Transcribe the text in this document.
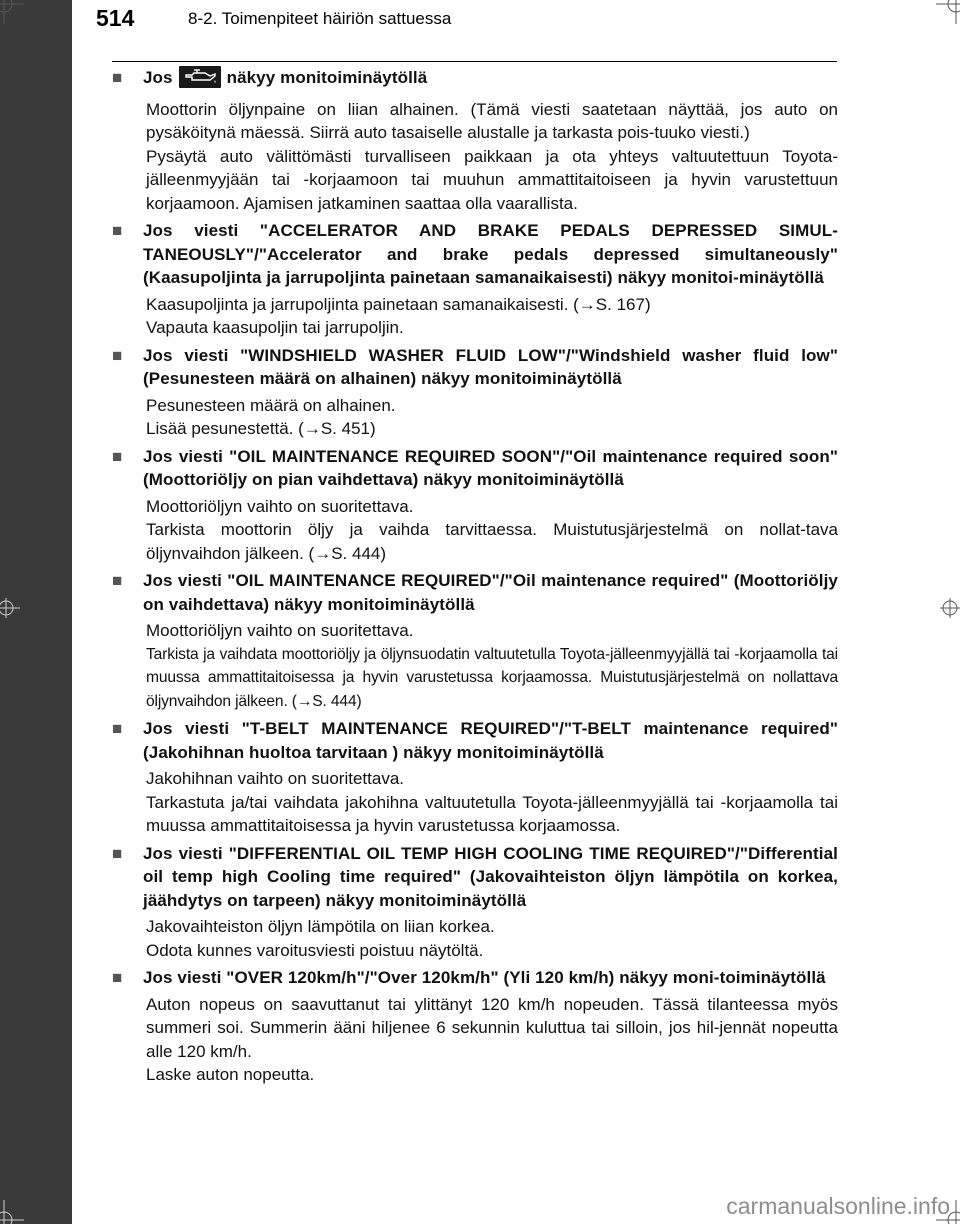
514	8-2. Toimenpiteet häiriön sattuessa
■	Jos	näkyy monitoiminäytöllä

Moottorin öljynpaine on liian alhainen. (Tämä viesti saatetaan näyttää, jos auto on pysäköitynä mäessä. Siirrä auto tasaiselle alustalle ja tarkasta pois-tuuko viesti.)

Pysäytä auto välittömästi turvalliseen paikkaan ja ota yhteys valtuutettuun Toyota-jälleenmyyjään tai -korjaamoon tai muuhun ammattitaitoiseen ja hyvin varustettuun korjaamoon. Ajamisen jatkaminen saattaa olla vaarallista.

■	Jos viesti "ACCELERATOR AND BRAKE PEDALS DEPRESSED SIMUL-TANEOUSLY"/"Accelerator and brake pedals depressed simultaneously" (Kaasupoljinta ja jarrupoljinta painetaan samanaikaisesti) näkyy monitoi-minäytöllä

Kaasupoljinta ja jarrupoljinta painetaan samanaikaisesti. (→S. 167)

Vapauta kaasupoljin tai jarrupoljin.

■	Jos viesti "WINDSHIELD WASHER FLUID LOW"/"Windshield washer fluid low" (Pesunesteen määrä on alhainen) näkyy monitoiminäytöllä

Pesunesteen määrä on alhainen.

Lisää pesunestettä. (→S. 451)

■	Jos viesti "OIL MAINTENANCE REQUIRED SOON"/"Oil maintenance required soon" (Moottoriöljy on pian vaihdettava) näkyy monitoiminäytöllä

Moottoriöljyn vaihto on suoritettava.

Tarkista moottorin öljy ja vaihda tarvittaessa. Muistutusjärjestelmä on nollat-tava öljynvaihdon jälkeen. (→S. 444)

■	Jos viesti "OIL MAINTENANCE REQUIRED"/"Oil maintenance required" (Moottoriöljy on vaihdettava) näkyy monitoiminäytöllä

Moottoriöljyn vaihto on suoritettava.

Tarkista ja vaihdata moottoriöljy ja öljynsuodatin valtuutetulla Toyota-jälleenmyyjällä tai -korjaamolla tai muussa ammattitaitoisessa ja hyvin varustetussa korjaamossa. Muistutusjärjestelmä on nollattava öljynvaihdon jälkeen. (→S. 444)

■	Jos viesti "T-BELT MAINTENANCE REQUIRED"/"T-BELT maintenance required" (Jakohihnan huoltoa tarvitaan ) näkyy monitoiminäytöllä

Jakohihnan vaihto on suoritettava.

Tarkastuta ja/tai vaihdata jakohihna valtuutetulla Toyota-jälleenmyyjällä tai -korjaamolla tai muussa ammattitaitoisessa ja hyvin varustetussa korjaamossa.

■	Jos viesti "DIFFERENTIAL OIL TEMP HIGH COOLING TIME REQUIRED"/"Differential oil temp high Cooling time required" (Jakovaihteiston öljyn lämpötila on korkea, jäähdytys on tarpeen) näkyy monitoiminäytöllä

Jakovaihteiston öljyn lämpötila on liian korkea.

Odota kunnes varoitusviesti poistuu näytöltä.

■	Jos viesti "OVER 120km/h"/"Over 120km/h" (Yli 120 km/h) näkyy moni-toiminäytöllä

Auton nopeus on saavuttanut tai ylittänyt 120 km/h nopeuden. Tässä tilanteessa myös summeri soi. Summerin ääni hiljenee 6 sekunnin kuluttua tai silloin, jos hil-jennät nopeutta alle 120 km/h.

Laske auton nopeutta.

carmanualsonline.info
